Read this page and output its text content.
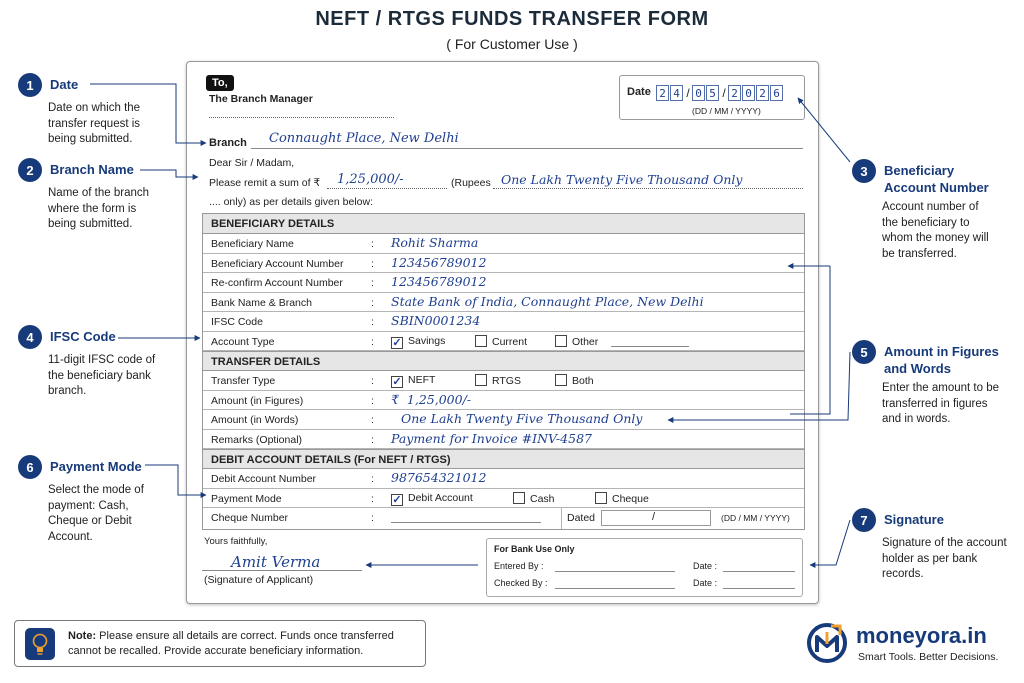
NEFT / RTGS FUNDS TRANSFER FORM
( For Customer Use )
1	Date
Date on which the transfer request is being submitted.
2	Branch Name
Name of the branch where the form is being submitted.
4	IFSC Code
11-digit IFSC code of the beneficiary bank branch.
6	Payment Mode
Select the mode of payment: Cash, Cheque or Debit Account.
3	Beneficiary Account Number
Account number of the beneficiary to whom the money will be transferred.
5	Amount in Figures and Words
Enter the amount to be transferred in figures and in words.
7	Signature
Signature of the account holder as per bank records.
To,
The Branch Manager
Date 2 4 / 0 5 / 2 0 2 6
(DD / MM / YYYY)
Branch Connaught Place, New Delhi
Dear Sir / Madam,
Please remit a sum of ₹ 1,25,000/-	(Rupees One Lakh Twenty Five Thousand Only
.... only) as per details given below:
BENEFICIARY DETAILS
Beneficiary Name	: Rohit Sharma
Beneficiary Account Number	: 123456789012
Re-confirm Account Number	: 123456789012
Bank Name & Branch	: State Bank of India, Connaught Place, New Delhi
IFSC Code	: SBIN0001234
Account Type	: ✓ Savings	Current	Other
TRANSFER DETAILS
Transfer Type	: ✓ NEFT	RTGS	Both
Amount (in Figures)	: ₹  1,25,000/-
Amount (in Words)	: One Lakh Twenty Five Thousand Only
Remarks (Optional)	: Payment for Invoice #INV-4587
DEBIT ACCOUNT DETAILS (For NEFT / RTGS)
Debit Account Number	: 987654321012
Payment Mode	: ✓ Debit Account	Cash	Cheque
Cheque Number	:	Dated	/	(DD / MM / YYYY)
Yours faithfully,
Amit Verma
(Signature of Applicant)
For Bank Use Only
Entered By :	Date :
Checked By :	Date :
Note: Please ensure all details are correct. Funds once transferred cannot be recalled. Provide accurate beneficiary information.
moneyora.in
Smart Tools. Better Decisions.
